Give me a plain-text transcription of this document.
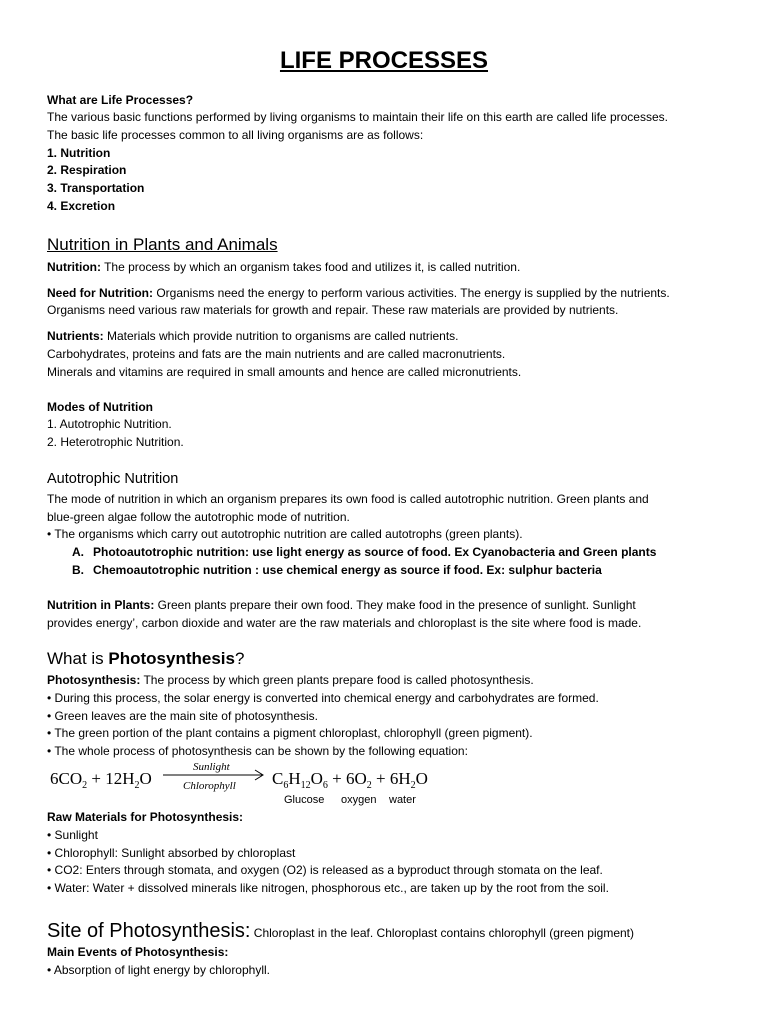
LIFE PROCESSES
What are Life Processes?
The various basic functions performed by living organisms to maintain their life on this earth are called life processes.
The basic life processes common to all living organisms are as follows:
1. Nutrition
2. Respiration
3. Transportation
4. Excretion
Nutrition in Plants and Animals
Nutrition: The process by which an organism takes food and utilizes it, is called nutrition.
Need for Nutrition: Organisms need the energy to perform various activities. The energy is supplied by the nutrients.
Organisms need various raw materials for growth and repair. These raw materials are provided by nutrients.
Nutrients: Materials which provide nutrition to organisms are called nutrients.
Carbohydrates, proteins and fats are the main nutrients and are called macronutrients.
Minerals and vitamins are required in small amounts and hence are called micronutrients.
Modes of Nutrition
1. Autotrophic Nutrition.
2. Heterotrophic Nutrition.
Autotrophic Nutrition
The mode of nutrition in which an organism prepares its own food is called autotrophic nutrition. Green plants and
blue-green algae follow the autotrophic mode of nutrition.
• The organisms which carry out autotrophic nutrition are called autotrophs (green plants).
A. Photoautotrophic nutrition: use light energy as source of food. Ex Cyanobacteria and Green plants
B. Chemoautotrophic nutrition : use chemical energy as source if food. Ex: sulphur bacteria
Nutrition in Plants: Green plants prepare their own food. They make food in the presence of sunlight. Sunlight
provides energy’, carbon dioxide and water are the raw materials and chloroplast is the site where food is made.
What is Photosynthesis?
Photosynthesis: The process by which green plants prepare food is called photosynthesis.
• During this process, the solar energy is converted into chemical energy and carbohydrates are formed.
• Green leaves are the main site of photosynthesis.
• The green portion of the plant contains a pigment chloroplast, chlorophyll (green pigment).
• The whole process of photosynthesis can be shown by the following equation:
$6CO_2 + 12H_2O$
Sunlight
Chlorophyll $C_6H_{12}O_6 + 6O_2 + 6H_2O$
Glucose oxygen water
Raw Materials for Photosynthesis:
• Sunlight
• Chlorophyll: Sunlight absorbed by chloroplast
• CO2: Enters through stomata, and oxygen (O2) is released as a byproduct through stomata on the leaf.
• Water: Water + dissolved minerals like nitrogen, phosphorous etc., are taken up by the root from the soil.
Site of Photosynthesis: Chloroplast in the leaf. Chloroplast contains chlorophyll (green pigment)
Main Events of Photosynthesis:
• Absorption of light energy by chlorophyll.
